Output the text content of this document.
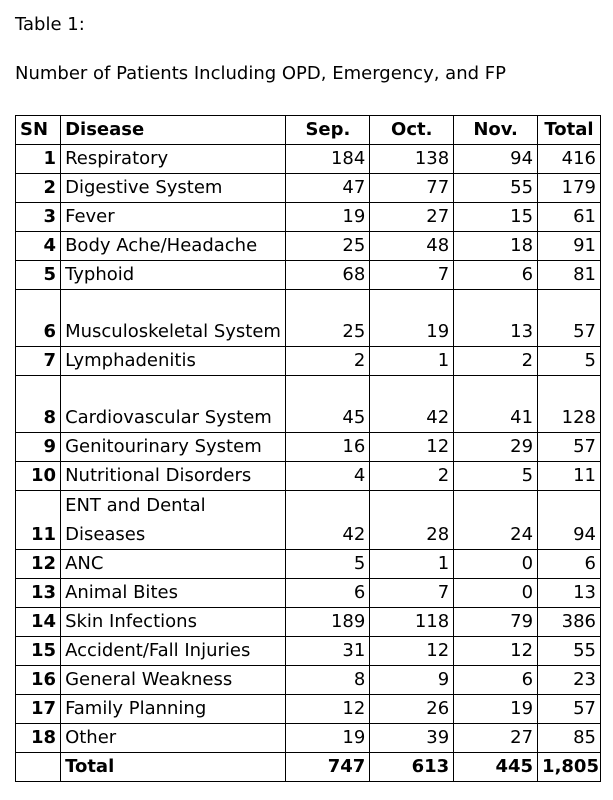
Table 1:
Number of Patients Including OPD, Emergency, and FP
SN	Disease	Sep.	Oct.	Nov.	Total
1	Respiratory	184	138	94	416
2	Digestive System	47	77	55	179
3	Fever	19	27	15	61
4	Body Ache/Headache	25	48	18	91
5	Typhoid	68	7	6	81
6	Musculoskeletal System	25	19	13	57
7	Lymphadenitis	2	1	2	5
8	Cardiovascular System	45	42	41	128
9	Genitourinary System	16	12	29	57
10	Nutritional Disorders	4	2	5	11
11	ENT and Dental Diseases	42	28	24	94
12	ANC	5	1	0	6
13	Animal Bites	6	7	0	13
14	Skin Infections	189	118	79	386
15	Accident/Fall Injuries	31	12	12	55
16	General Weakness	8	9	6	23
17	Family Planning	12	26	19	57
18	Other	19	39	27	85
	Total	747	613	445	1,805
